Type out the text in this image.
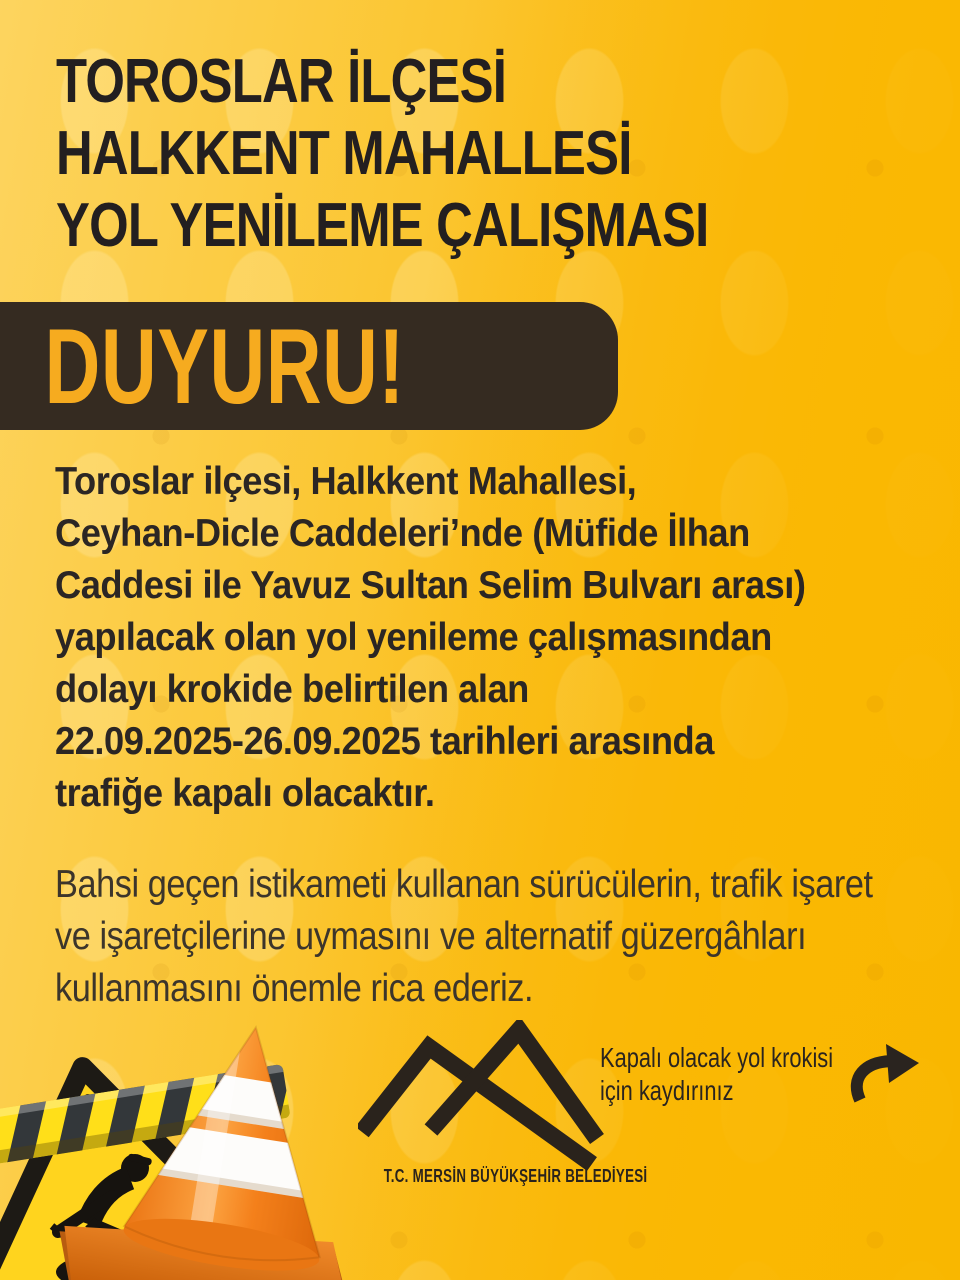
TOROSLAR İLÇESİ
HALKKENT MAHALLESİ
YOL YENİLEME ÇALIŞMASI
DUYURU!
Toroslar ilçesi, Halkkent Mahallesi,
Ceyhan-Dicle Caddeleri’nde (Müfide İlhan
Caddesi ile Yavuz Sultan Selim Bulvarı arası)
yapılacak olan yol yenileme çalışmasından
dolayı krokide belirtilen alan
22.09.2025-26.09.2025 tarihleri arasında
trafiğe kapalı olacaktır.
Bahsi geçen istikameti kullanan sürücülerin, trafik işaret
ve işaretçilerine uymasını ve alternatif güzergâhları
kullanmasını önemle rica ederiz.
T.C. MERSİN BÜYÜKŞEHİR BELEDİYESİ
Kapalı olacak yol krokisi
için kaydırınız
